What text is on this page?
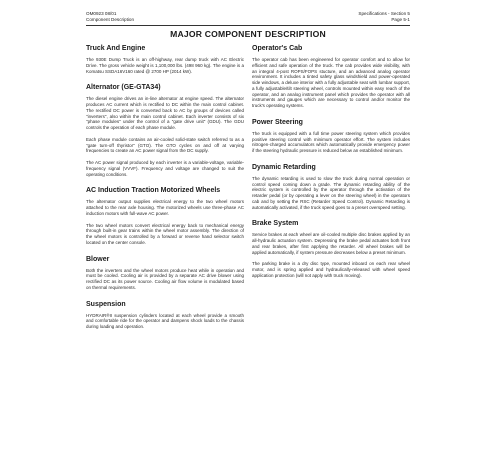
OM0923 08/01
Component Description
Specifications - Section 5
Page 5-1
MAJOR COMPONENT DESCRIPTION
Truck And Engine

The 930E Dump Truck is an off-highway, rear dump truck with AC Electric Drive. The gross vehicle weight is 1,100,000 lbs. (498 960 kg). The engine is a Komatsu SSDA16V160 rated @ 2700 HP (2014 kW).

Alternator (GE-GTA34)

The diesel engine drives an in-line alternator at engine speed. The alternator produces AC current which is rectified to DC within the main control cabinet. The rectified DC power is converted back to AC by groups of devices called "inverters", also within the main control cabinet. Each inverter consists of six "phase modules" under the control of a "gate drive unit" (GDU). The GDU controls the operation of each phase module.

Each phase module contains an air-cooled solid-state switch referred to as a "gate turn-off thyristor" (GTO). The GTO cycles on and off at varying frequencies to create an AC power signal from the DC supply.

The AC power signal produced by each inverter is a variable-voltage, variable-frequency signal (VVVF). Frequency and voltage are changed to suit the operating conditions.

AC Induction Traction Motorized Wheels

The alternator output supplies electrical energy to the two wheel motors attached to the rear axle housing. The motorized wheels use three-phase AC induction motors with full-wave AC power.

The two wheel motors convert electrical energy back to mechanical energy through built-in gear trains within the wheel motor assembly. The direction of the wheel motors is controlled by a forward or reverse hand selector switch located on the center console.

Blower

Both the inverters and the wheel motors produce heat while in operation and must be cooled. Cooling air is provided by a separate AC drive blower using rectified DC as its power source. Cooling air flow volume is modulated based on thermal requirements.

Suspension

HYDRAIR®II suspension cylinders located at each wheel provide a smooth and comfortable ride for the operator and dampens shock loads to the chassis during loading and operation.

Operator's Cab

The operator cab has been engineered for operator comfort and to allow for efficient and safe operation of the truck. The cab provides wide visibility, with an integral 4-post ROPS/FOPS stucture, and an advanced analog operator environment. It includes a tinted safety glass windshield and power-operated side windows, a deluxe interior with a fully adjustable seat with lumbar support, a fully adjustable/tilt steering wheel, controls mounted within easy reach of the operator, and an analog instrument panel which provides the operator with all instruments and gauges which are necessary to control and/or monitor the truck's operating systems.

Power Steering

The truck is equipped with a full time power steering system which provides positive steering control with minimum operator effort. The system includes nitrogen-charged accumulators which automatically provide emergency power if the steering hydraulic pressure is reduced below an established minimum.

Dynamic Retarding

The dynamic retarding is used to slow the truck during normal operation or control speed coming down a grade. The dynamic retarding ability of the electric system is controlled by the operator through the activation of the retarder pedal (or by operating a lever on the steering wheel) in the operators cab and by setting the RSC (Retarder Speed Control). Dynamic Retarding is automatically activated, if the truck speed goes to a preset overspeed setting.

Brake System

Service brakes at each wheel are oil-cooled multiple disc brakes applied by an all-hydraulic actuation system. Depressing the brake pedal actuates both front and rear brakes, after first applying the retarder. All wheel brakes will be applied automatically, if system pressure decreases below a preset minimum.

The parking brake is a dry disc type, mounted inboard on each rear wheel motor, and is spring applied and hydraulically-released with wheel speed application protection (will not apply with truck moving).
